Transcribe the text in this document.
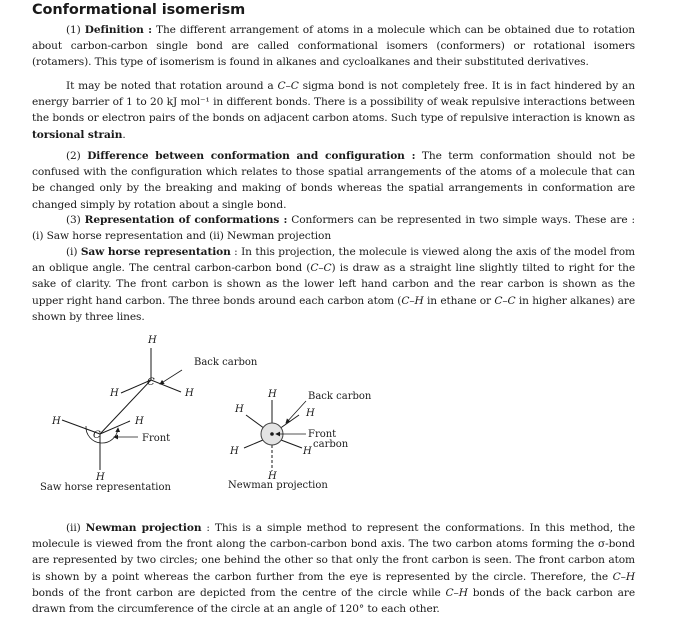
Conformational isomerism

(1) Definition : The different arrangement of atoms in a molecule which can be obtained due to rotation about carbon-carbon single bond are called conformational isomers (conformers) or rotational isomers (rotamers). This type of isomerism is found in alkanes and cycloalkanes and their substituted derivatives.

It may be noted that rotation around a C–C sigma bond is not completely free. It is in fact hindered by an energy barrier of 1 to 20 kJ mol⁻¹ in different bonds. There is a possibility of weak repulsive interactions between the bonds or electron pairs of the bonds on adjacent carbon atoms. Such type of repulsive interaction is known as torsional strain.

(2) Difference between conformation and configuration : The term conformation should not be confused with the configuration which relates to those spatial arrangements of the atoms of a molecule that can be changed only by the breaking and making of bonds whereas the spatial arrangements in conformation are changed simply by rotation about a single bond.

(3) Representation of conformations : Conformers can be represented in two simple ways. These are : (i) Saw horse representation and (ii) Newman projection

(i) Saw horse representation : In this projection, the molecule is viewed along the axis of the model from an oblique angle. The central carbon-carbon bond (C–C) is draw as a straight line slightly tilted to right for the sake of clarity. The front carbon is shown as the lower left hand carbon and the rear carbon is shown as the upper right hand carbon. The three bonds around each carbon atom (C–H in ethane or C–C in higher alkanes) are shown by three lines.

H
C
H	H
H	H
C
H
Back carbon
Front
Saw horse representation
H
H	H
H	H
H
Back carbon
Front
carbon
Newman projection

(ii) Newman projection : This is a simple method to represent the conformations. In this method, the molecule is viewed from the front along the carbon-carbon bond axis. The two carbon atoms forming the σ-bond are represented by two circles; one behind the other so that only the front carbon is seen. The front carbon atom is shown by a point whereas the carbon further from the eye is represented by the circle. Therefore, the C–H bonds of the front carbon are depicted from the centre of the circle while C–H bonds of the back carbon are drawn from the circumference of the circle at an angle of 120° to each other.
